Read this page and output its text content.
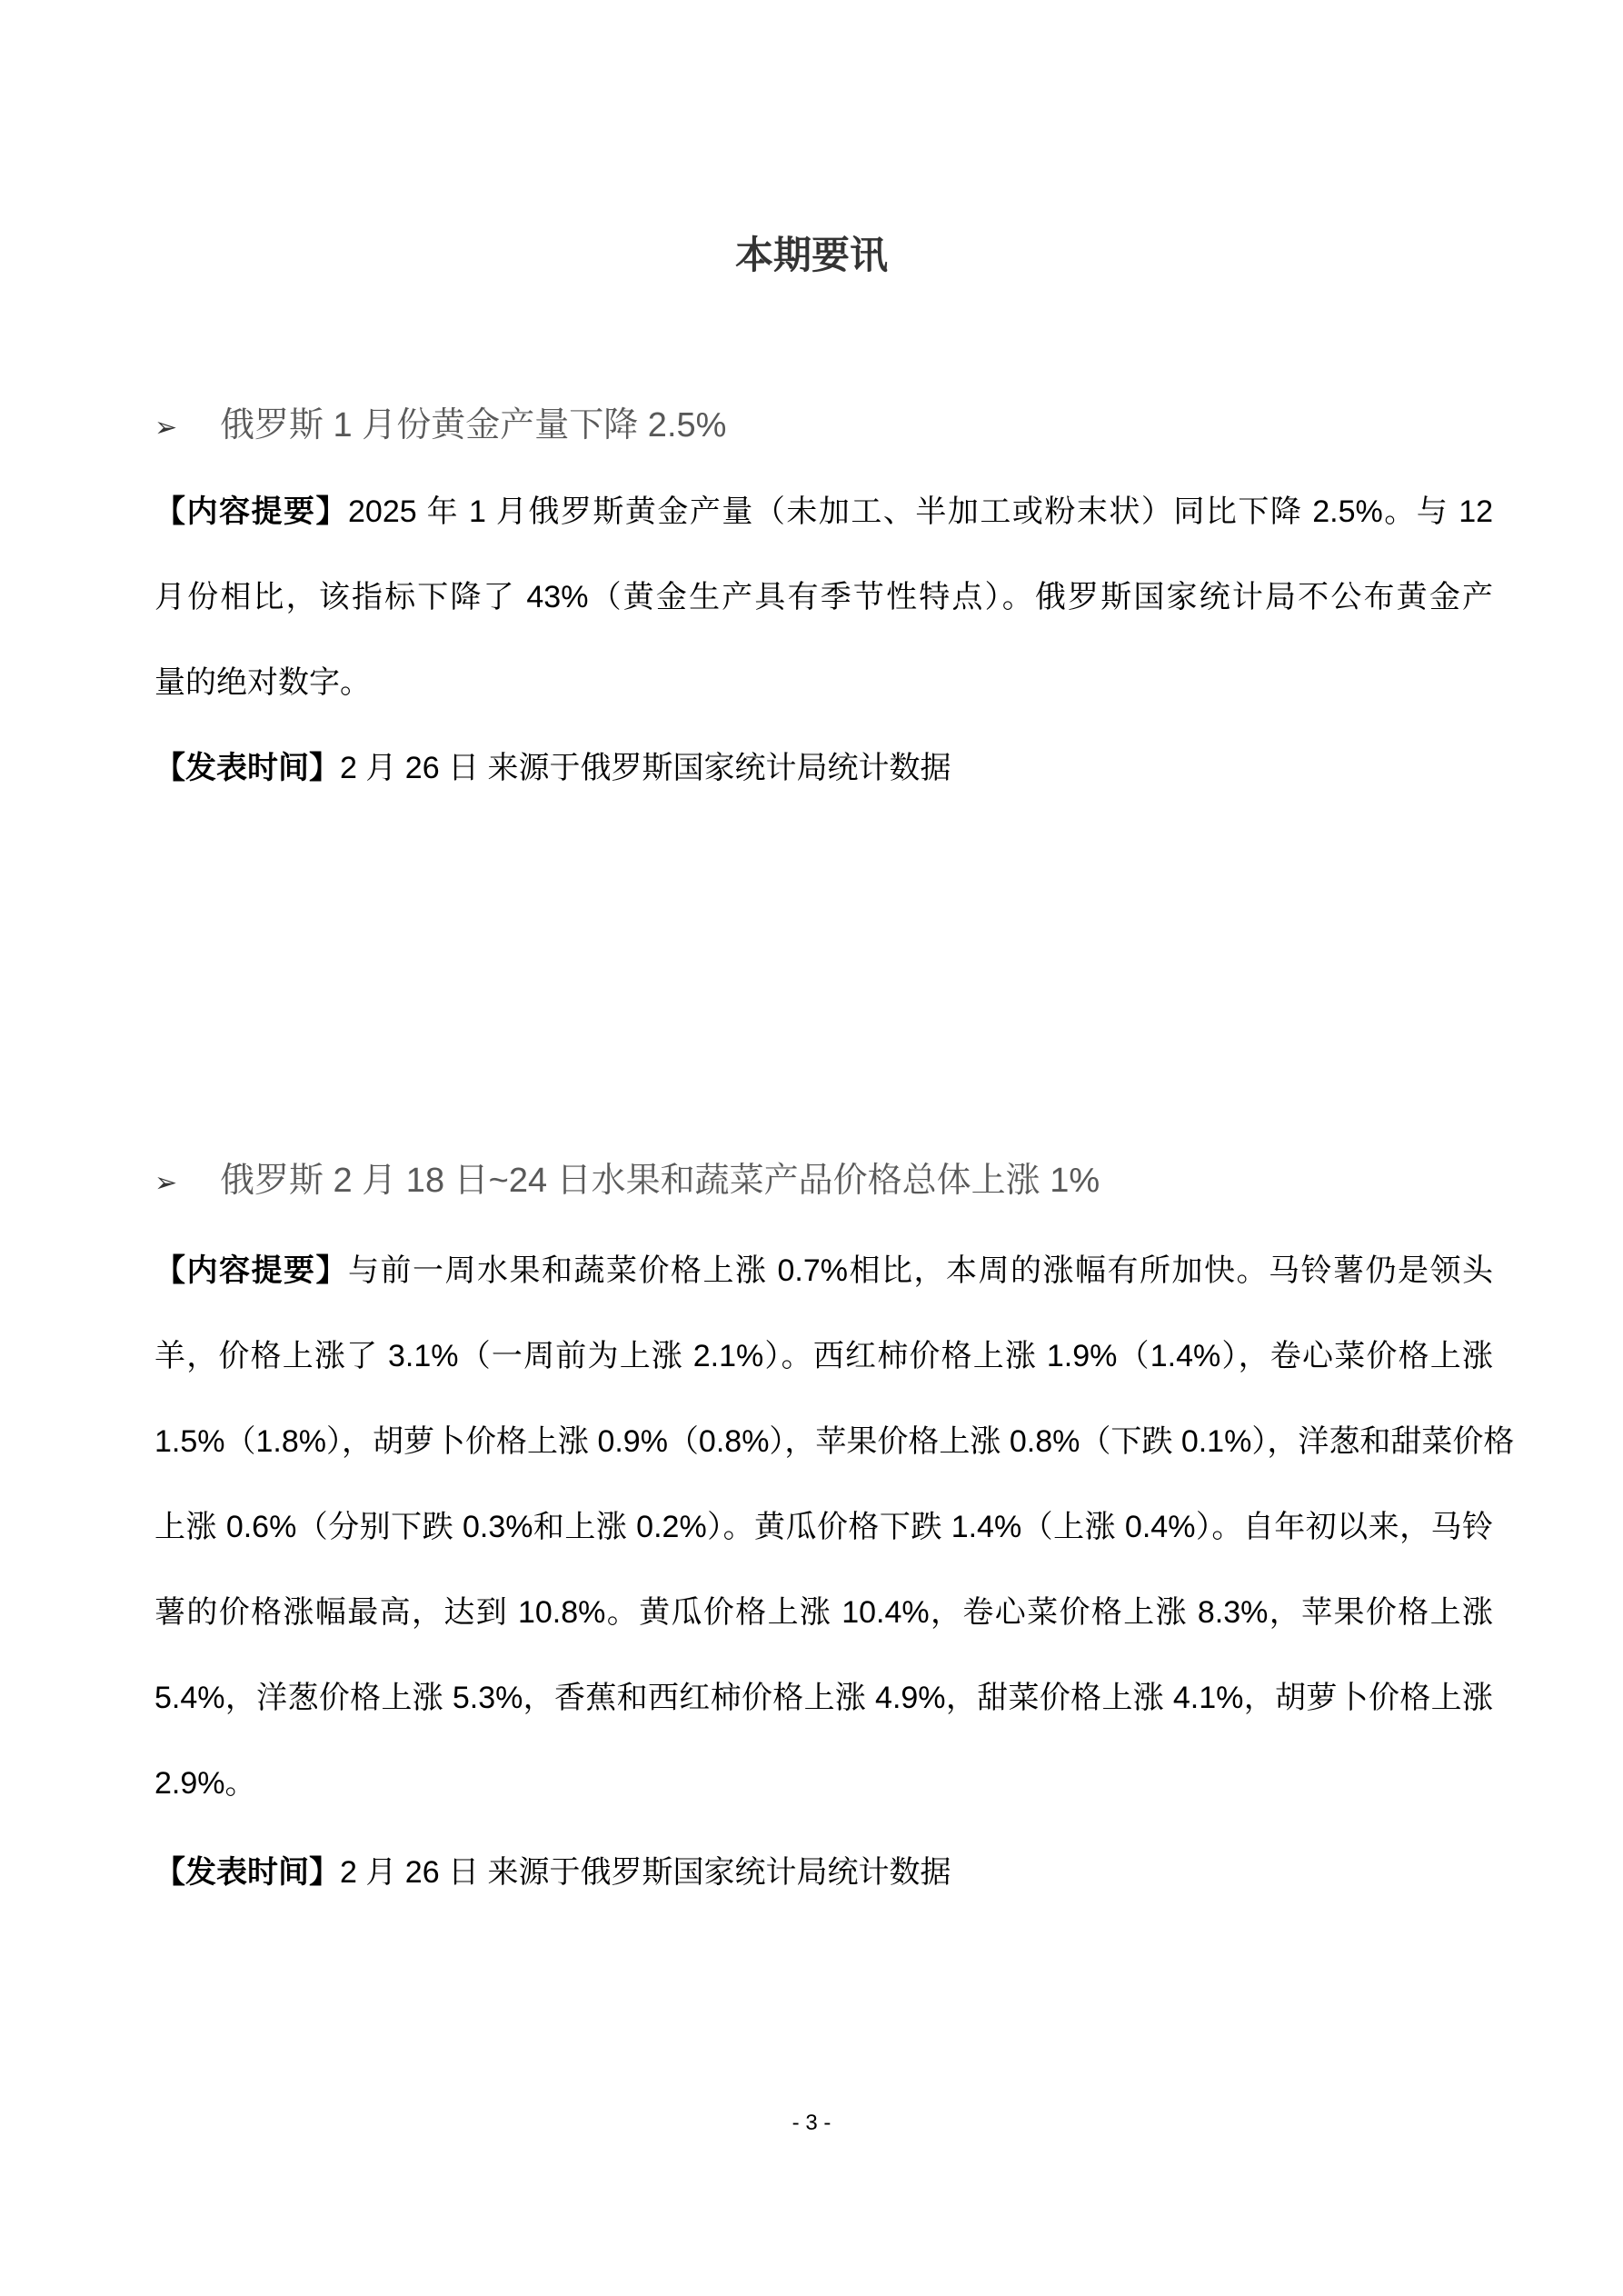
本期要讯
➢ 俄罗斯 1 月份黄金产量下降 2.5%
【内容提要】2025 年 1 月俄罗斯黄金产量（未加工、半加工或粉末状）同比下降 2.5%。与 12
月份相比，该指标下降了 43%（黄金生产具有季节性特点）。俄罗斯国家统计局不公布黄金产
量的绝对数字。
【发表时间】2 月 26 日 来源于俄罗斯国家统计局统计数据
➢ 俄罗斯 2 月 18 日~24 日水果和蔬菜产品价格总体上涨 1%
【内容提要】与前一周水果和蔬菜价格上涨 0.7%相比，本周的涨幅有所加快。马铃薯仍是领头
羊，价格上涨了 3.1%（一周前为上涨 2.1%）。西红柿价格上涨 1.9%（1.4%），卷心菜价格上涨
1.5%（1.8%），胡萝卜价格上涨 0.9%（0.8%），苹果价格上涨 0.8%（下跌 0.1%），洋葱和甜菜价格
上涨 0.6%（分别下跌 0.3%和上涨 0.2%）。黄瓜价格下跌 1.4%（上涨 0.4%）。自年初以来，马铃
薯的价格涨幅最高，达到 10.8%。黄瓜价格上涨 10.4%，卷心菜价格上涨 8.3%，苹果价格上涨
5.4%，洋葱价格上涨 5.3%，香蕉和西红柿价格上涨 4.9%，甜菜价格上涨 4.1%，胡萝卜价格上涨
2.9%。
【发表时间】2 月 26 日 来源于俄罗斯国家统计局统计数据
- 3 -
